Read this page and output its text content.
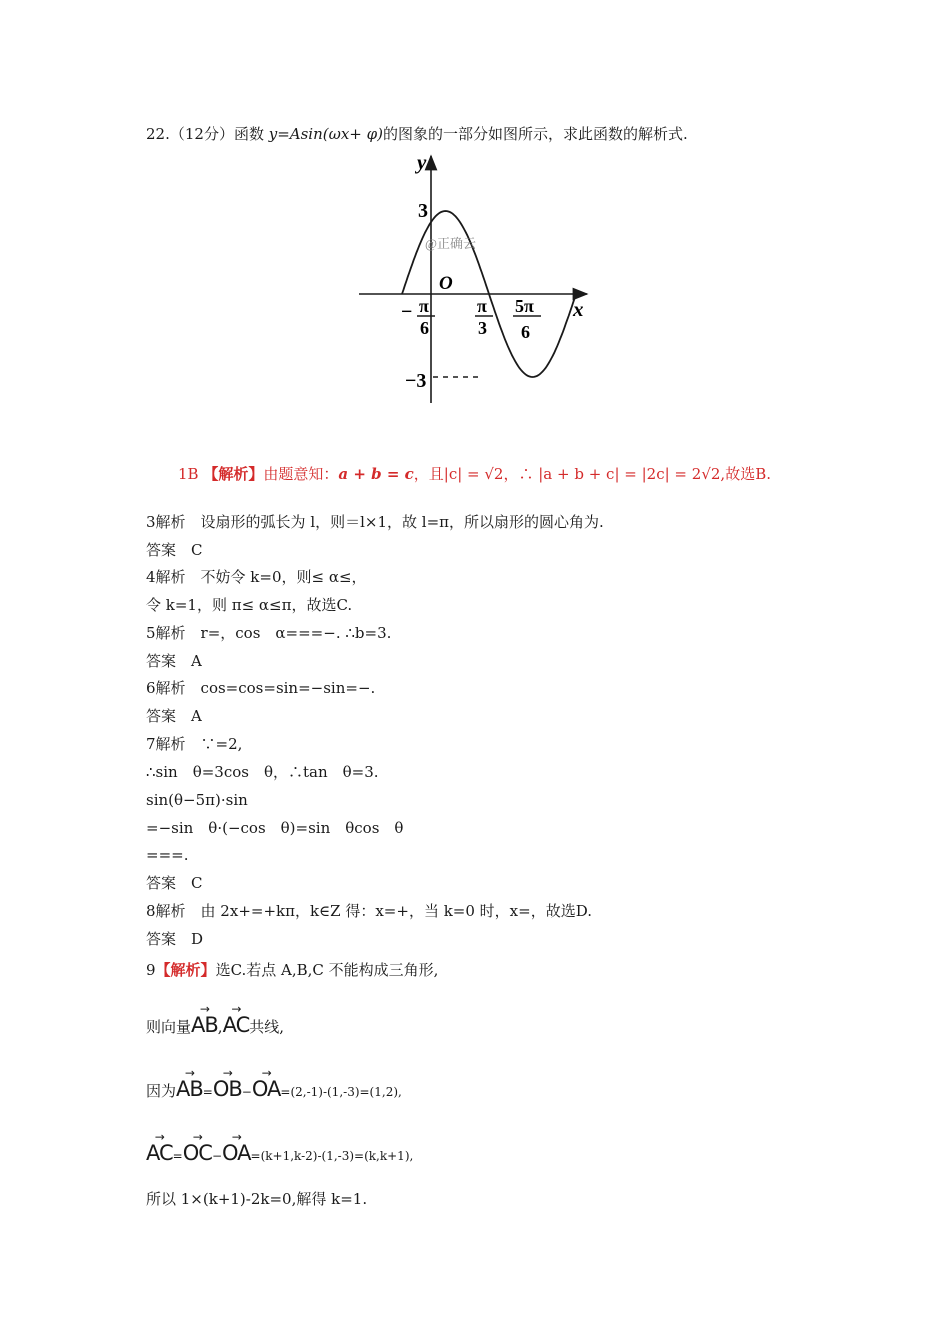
22.（12分）函数 y=Asin(ωx+ φ)的图象的一部分如图所示，求此函数的解析式.
y
x
O
3
−3
@正确云
− π
6
π
3
5π
6
1B 【解析】由题意知：a + b = c，且|c| = √2，∴ |a + b + c| = |2c| = 2√2,故选B.
3解析　设扇形的弧长为 l，则＝l×1，故 l=π，所以扇形的圆心角为.
答案　C
4解析　不妨令 k=0，则≤ α≤，
令 k=1，则 π≤ α≤π，故选C.
5解析　r=，cos　α===−. ∴b=3.
答案　A
6解析　cos=cos=sin=−sin=−.
答案　A
7解析　∵=2,
∴sin　θ=3cos　θ，∴tan　θ=3.
sin(θ−5π)·sin
=−sin　θ·(−cos　θ)=sin　θcos　θ
===.
答案　C
8解析　由 2x+=+kπ，k∈Z 得：x=+，当 k=0 时，x=，故选D.
答案　D
9【解析】选C.若点 A,B,C 不能构成三角形,
则向量
→
AB,
→
AC共线,
因为
→
AB=
→
OB−
→
OA=(2,-1)-(1,-3)=(1,2),
→
AC=
→
OC−
→
OA=(k+1,k-2)-(1,-3)=(k,k+1),
所以 1×(k+1)-2k=0,解得 k=1.
